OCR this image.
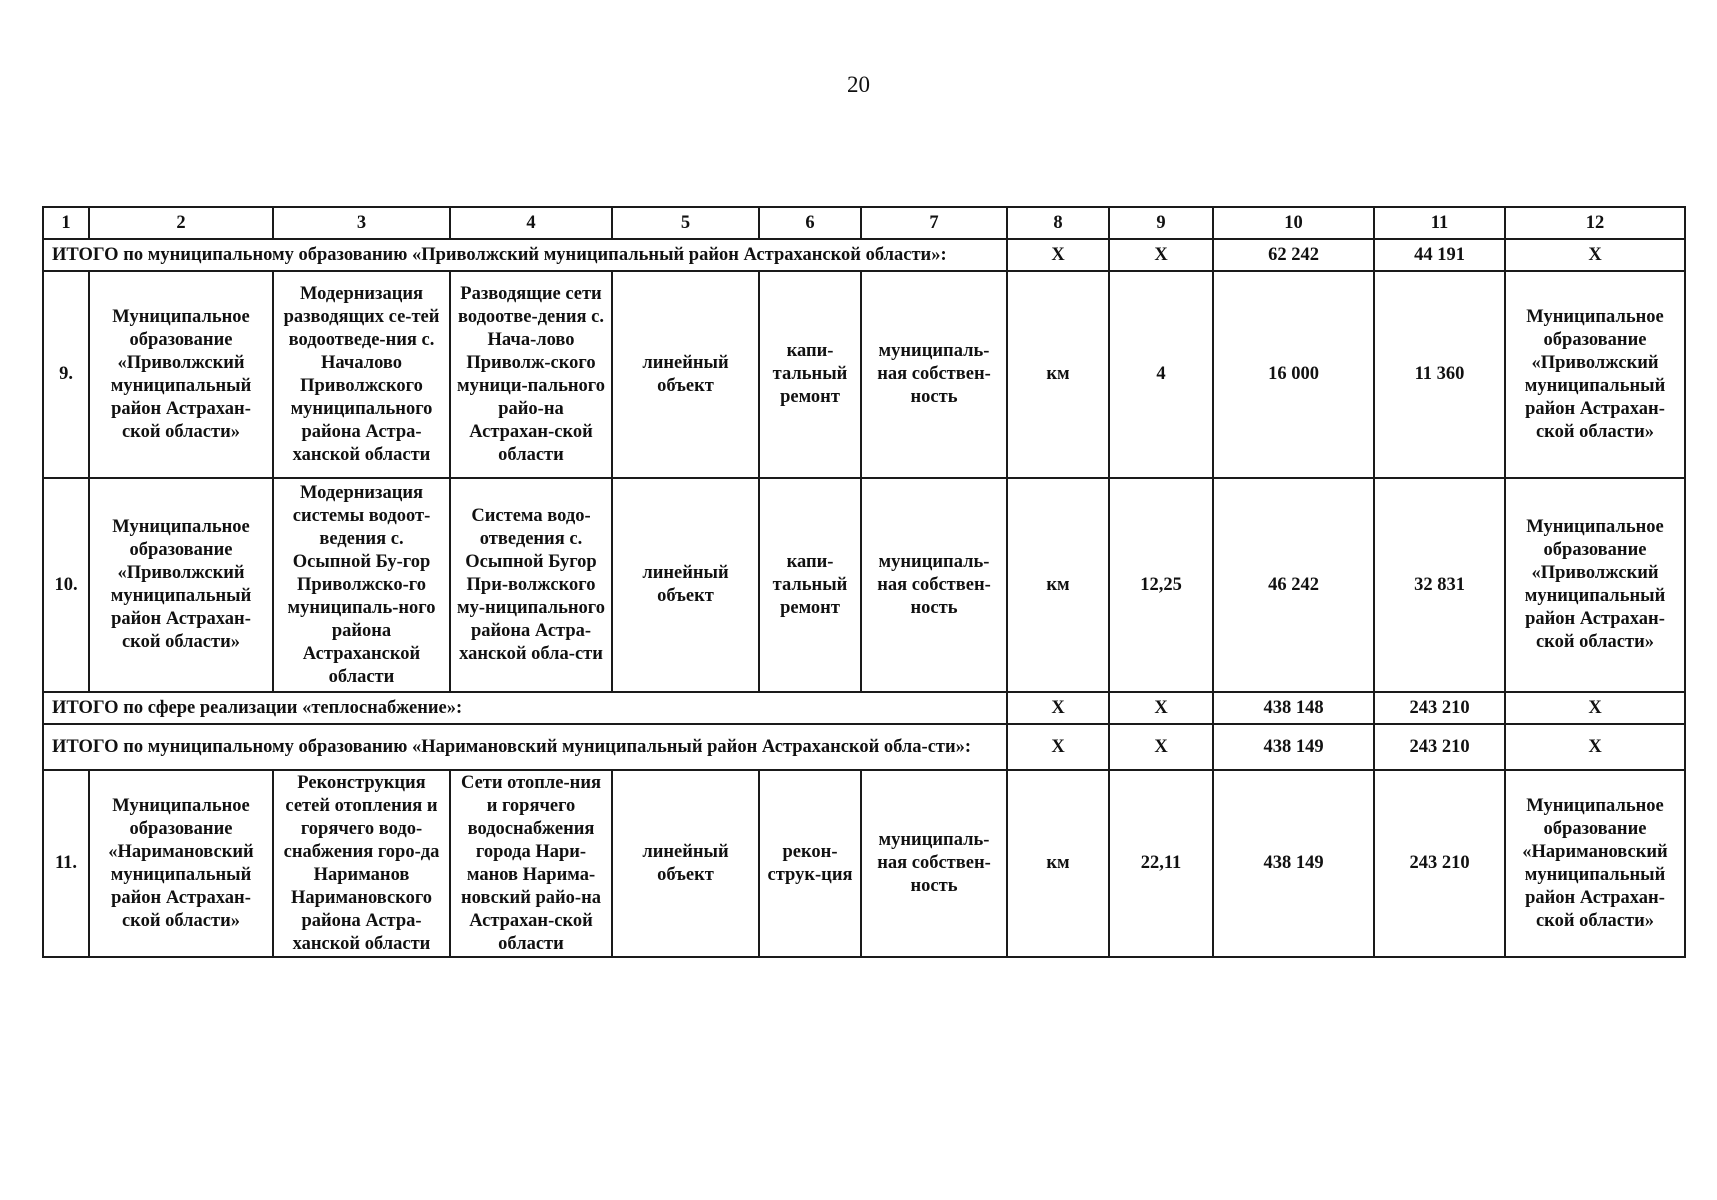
20
1	2	3	4	5	6	7	8	9	10	11	12
ИТОГО по муниципальному образованию «Приволжский муниципальный район Астраханской области»:							X	X	62 242	44 191	X
9.	Муниципальное образование «Приволжский муниципальный район Астрахан-ской области»	Модернизация разводящих се-тей водоотведе-ния с. Началово Приволжского муниципального района Астра-ханской области	Разводящие сети водоотве-дения с. Нача-лово Приволж-ского муници-пального райо-на Астрахан-ской области	линейный объект	капи-тальный ремонт	муниципаль-ная собствен-ность	км	4	16 000	11 360	Муниципальное образование «Приволжский муниципальный район Астрахан-ской области»
10.	Муниципальное образование «Приволжский муниципальный район Астрахан-ской области»	Модернизация системы водоот-ведения с. Осыпной Бу-гор Приволжско-го муниципаль-ного района Астраханской области	Система водо-отведения с. Осыпной Бугор При-волжского му-ниципального района Астра-ханской обла-сти	линейный объект	капи-тальный ремонт	муниципаль-ная собствен-ность	км	12,25	46 242	32 831	Муниципальное образование «Приволжский муниципальный район Астрахан-ской области»
ИТОГО по сфере реализации «теплоснабжение»:							X	X	438 148	243 210	X
ИТОГО по муниципальному образованию «Наримановский муниципальный район Астраханской обла-сти»:							X	X	438 149	243 210	X
11.	Муниципальное образование «Наримановский муниципальный район Астрахан-ской области»	Реконструкция сетей отопления и горячего водо-снабжения горо-да Нариманов Наримановского района Астра-ханской области	Сети отопле-ния и горячего водоснабжения города Нари-манов Нарима-новский райо-на Астрахан-ской области	линейный объект	рекон-струк-ция	муниципаль-ная собствен-ность	км	22,11	438 149	243 210	Муниципальное образование «Наримановский муниципальный район Астрахан-ской области»
